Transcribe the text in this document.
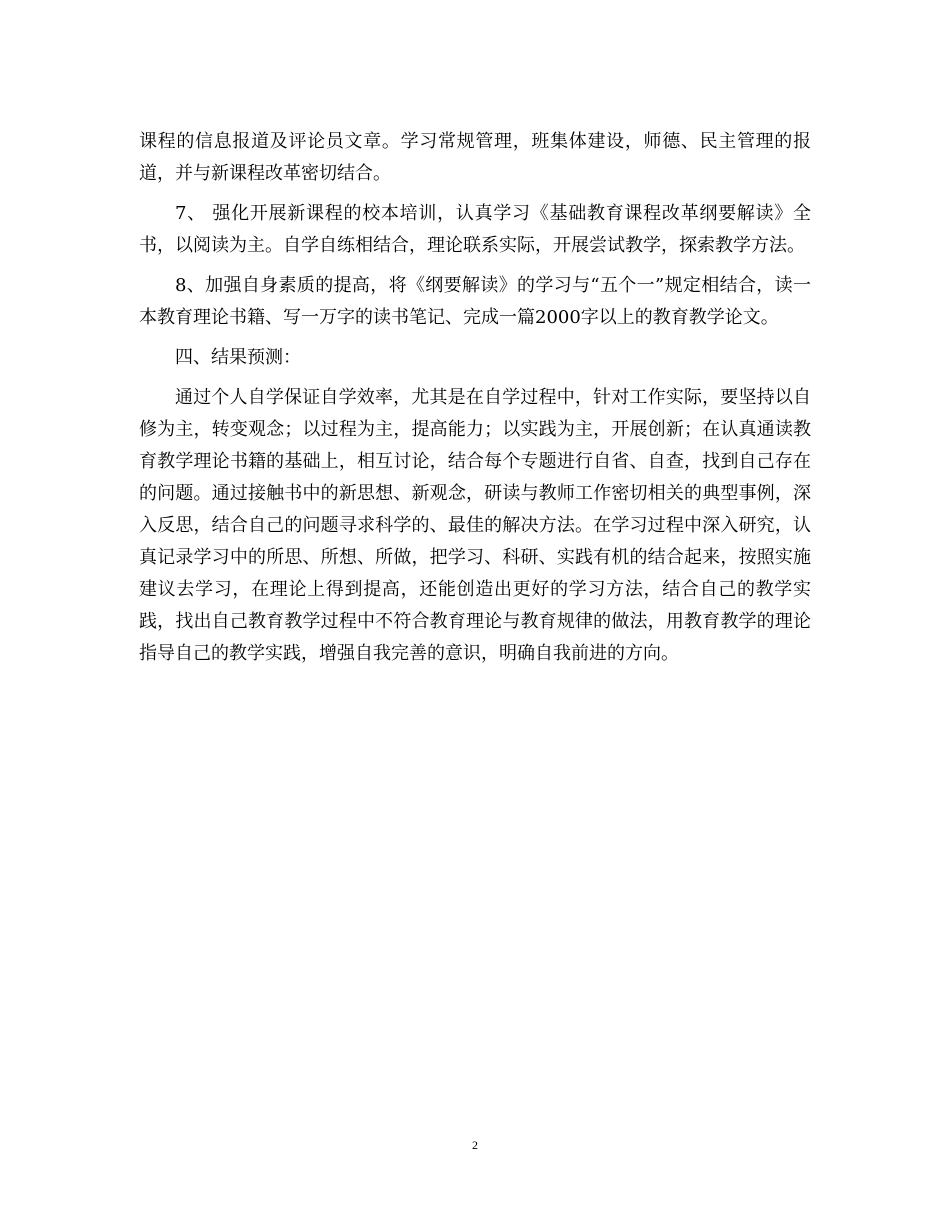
课程的信息报道及评论员文章。学习常规管理，班集体建设，师德、民主管理的报道，并与新课程改革密切结合。

7、 强化开展新课程的校本培训，认真学习《基础教育课程改革纲要解读》全书，以阅读为主。自学自练相结合，理论联系实际，开展尝试教学，探索教学方法。

8、加强自身素质的提高，将《纲要解读》的学习与“五个一”规定相结合，读一本教育理论书籍、写一万字的读书笔记、完成一篇2000字以上的教育教学论文。

四、结果预测：

通过个人自学保证自学效率，尤其是在自学过程中，针对工作实际，要坚持以自修为主，转变观念；以过程为主，提高能力；以实践为主，开展创新；在认真通读教育教学理论书籍的基础上，相互讨论，结合每个专题进行自省、自查，找到自己存在的问题。通过接触书中的新思想、新观念，研读与教师工作密切相关的典型事例，深入反思，结合自己的问题寻求科学的、最佳的解决方法。在学习过程中深入研究，认真记录学习中的所思、所想、所做，把学习、科研、实践有机的结合起来，按照实施建议去学习，在理论上得到提高，还能创造出更好的学习方法，结合自己的教学实践，找出自己教育教学过程中不符合教育理论与教育规律的做法，用教育教学的理论指导自己的教学实践，增强自我完善的意识，明确自我前进的方向。

2
